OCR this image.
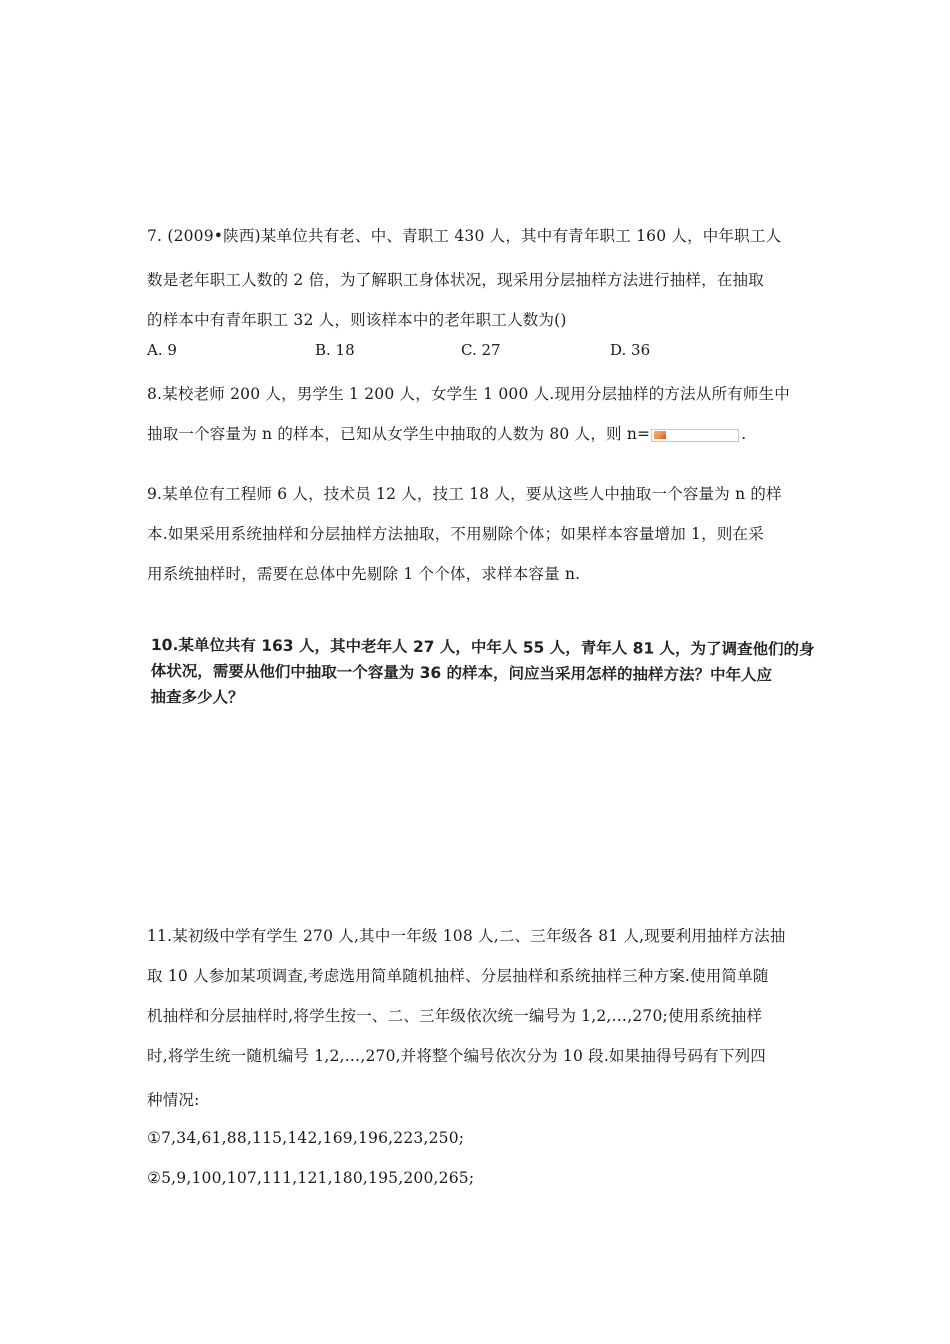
7. (2009•陕西)某单位共有老、中、青职工 430 人，其中有青年职工 160 人，中年职工人
数是老年职工人数的 2 倍，为了解职工身体状况，现采用分层抽样方法进行抽样，在抽取
的样本中有青年职工 32 人，则该样本中的老年职工人数为()
A. 9	B. 18	C. 27	D. 36
8.某校老师 200 人，男学生 1 200 人，女学生 1 000 人.现用分层抽样的方法从所有师生中
抽取一个容量为 n 的样本，已知从女学生中抽取的人数为 80 人，则 n=	.
9.某单位有工程师 6 人，技术员 12 人，技工 18 人，要从这些人中抽取一个容量为 n 的样
本.如果采用系统抽样和分层抽样方法抽取，不用剔除个体；如果样本容量增加 1，则在采
用系统抽样时，需要在总体中先剔除 1 个个体，求样本容量 n.
10.某单位共有 163 人，其中老年人 27 人，中年人 55 人，青年人 81 人，为了调查他们的身
体状况，需要从他们中抽取一个容量为 36 的样本，问应当采用怎样的抽样方法？中年人应
抽查多少人？
11.某初级中学有学生 270 人,其中一年级 108 人,二、三年级各 81 人,现要利用抽样方法抽
取 10 人参加某项调查,考虑选用简单随机抽样、分层抽样和系统抽样三种方案.使用简单随
机抽样和分层抽样时,将学生按一、二、三年级依次统一编号为 1,2,…,270;使用系统抽样
时,将学生统一随机编号 1,2,…,270,并将整个编号依次分为 10 段.如果抽得号码有下列四
种情况:
①7,34,61,88,115,142,169,196,223,250;
②5,9,100,107,111,121,180,195,200,265;
